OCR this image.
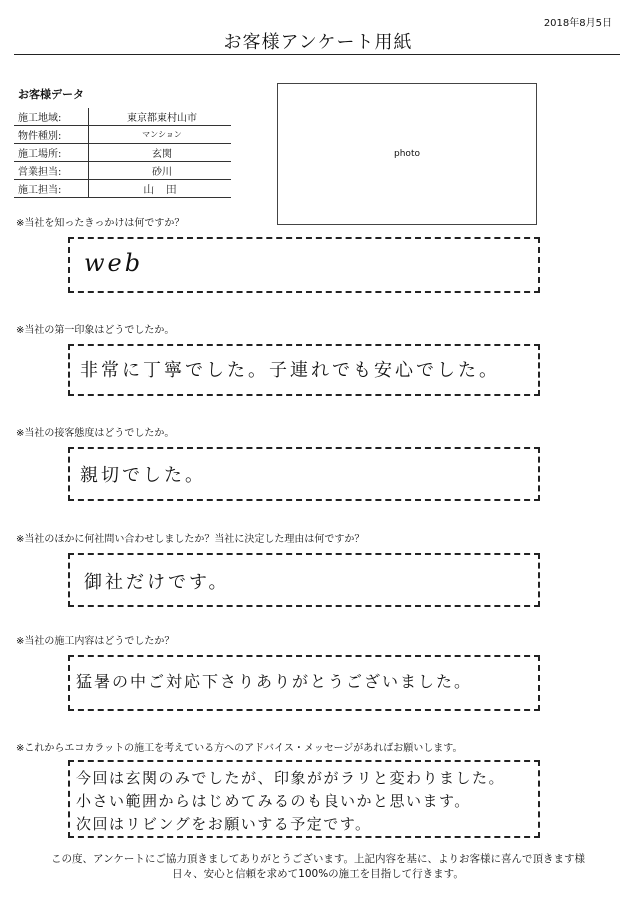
2018年8月5日
お客様アンケート用紙
お客様データ
施工地域:	東京都東村山市
物件種別:	マンション
施工場所:	玄関
営業担当:	砂川
施工担当:	山 田
photo
※当社を知ったきっかけは何ですか？
web
※当社の第一印象はどうでしたか。
非常に丁寧でした。子連れでも安心でした。
※当社の接客態度はどうでしたか。
親切でした。
※当社のほかに何社問い合わせしましたか？当社に決定した理由は何ですか？
御社だけです。
※当社の施工内容はどうでしたか？
猛暑の中ご対応下さりありがとうございました。
※これからエコカラットの施工を考えている方へのアドバイス・メッセージがあればお願いします。
今回は玄関のみでしたが、印象ががラリと変わりました。
小さい範囲からはじめてみるのも良いかと思います。
次回はリビングをお願いする予定です。
この度、アンケートにご協力頂きましてありがとうございます。上記内容を基に、よりお客様に喜んで頂きます様
日々、安心と信頼を求めて100%の施工を目指して行きます。
